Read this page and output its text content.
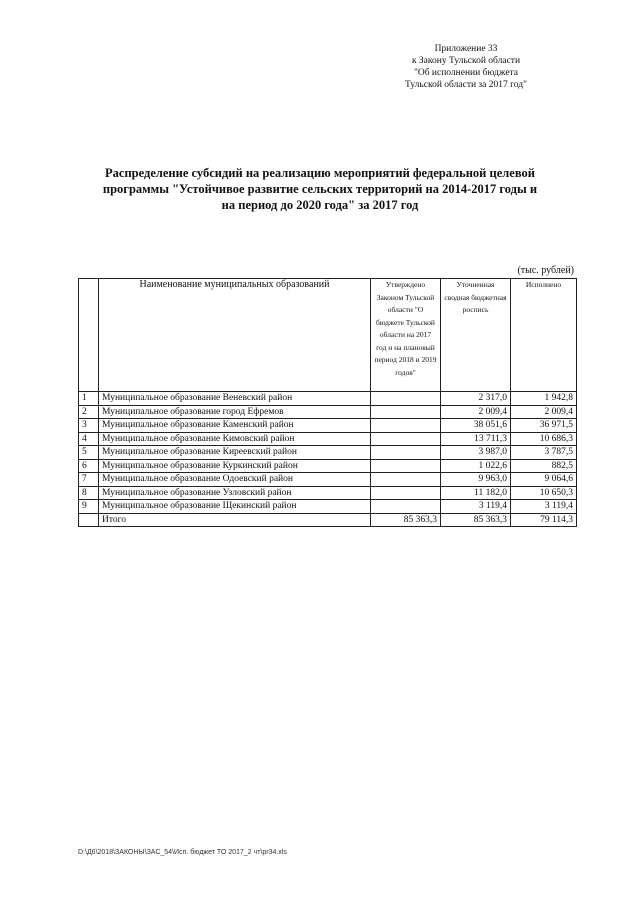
Приложение 33
к Закону Тульской области
"Об исполнении бюджета
Тульской области за 2017 год"
Распределение субсидий на реализацию мероприятий федеральной целевой программы "Устойчивое развитие сельских территорий на 2014-2017 годы и на период до 2020 года" за 2017 год
(тыс. рублей)
	Наименование муниципальных образований	Утверждено Законом Тульской области "О бюджете Тульской области на 2017 год и на плановый период 2018 и 2019 годов"	Уточненная сводная бюджетная роспись	Исполнено
1	Муниципальное образование Веневский район		2 317,0	1 942,8
2	Муниципальное образование город Ефремов		2 009,4	2 009,4
3	Муниципальное образование Каменский район		38 051,6	36 971,5
4	Муниципальное образование Кимовский район		13 711,3	10 686,3
5	Муниципальное образование Киреевский район		3 987,0	3 787,5
6	Муниципальное образование Куркинский район		1 022,6	882,5
7	Муниципальное образование Одоевский район		9 963,0	9 064,6
8	Муниципальное образование Узловский район		11 182,0	10 650,3
9	Муниципальное образование Щекинский район		3 119,4	3 119,4
	Итого	85 363,3	85 363,3	79 114,3
D:\Д6\2018\ЗАКОНЫ\ЗАС_54\Исп. бюджет ТО 2017_2 чт\pr34.xls
